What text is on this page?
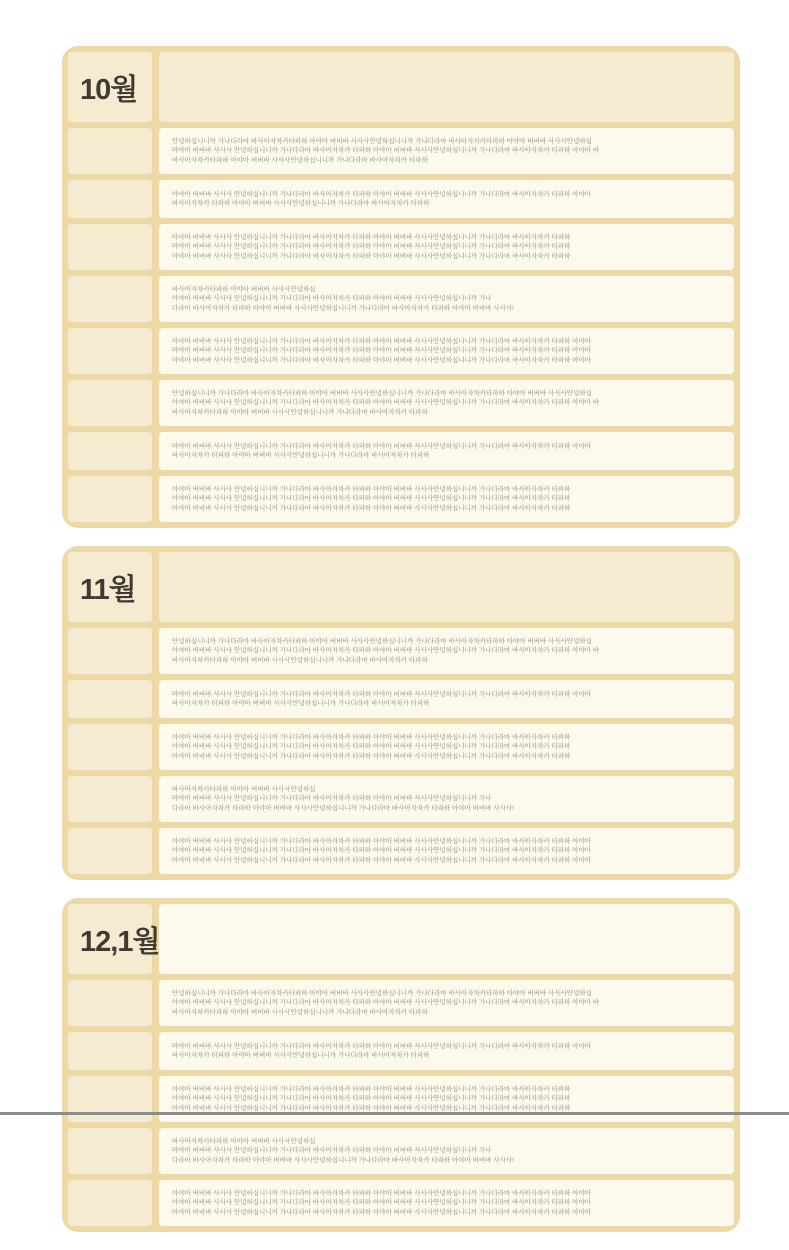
10월
안녕하십니니까 가나다라마 바사아자차카타파하 아야아 버버바 사사사안녕하십니니까 가나다라마 바사아자차카타파하 아야아 버버바 사사사안녕하십
아야아 버버바 사사사 안녕하십니니까 가나다라마 바사아자차카 타파하 아야아 버버바 사사사안녕하십니니까 가나다라마 바사아자차카 타파하 아야아 바
바사아자차카타파하 아야아 버버바 사사사안녕하십니니까 가나다라마 바사아자차카 타파하
아야아 버버바 사사사 안녕하십니니까 가나다라마 바사아자차카 타파하 아야아 버버바 사사사안녕하십니니까 가나다라마 바사아자차카 타파하 아야아
바사아자차카 타파하 아야아 버버바 사사사안녕하십니니까 가나다라마 바사아자차카 타파하
아야아 버버바 사사사 안녕하십니니까 가나다라마 바사아자차카 타파하 아야아 버버바 사사사안녕하십니니까 가나다라마 바사아자차카 타파하
아야아 버버바 사사사 안녕하십니니까 가나다라마 바사아자차카 타파하 아야아 버버바 사사사안녕하십니니까 가나다라마 바사아자차카 타파하
아야아 버버바 사사사 안녕하십니니까 가나다라마 바사아자차카 타파하 아야아 버버바 사사사안녕하십니니까 가나다라마 바사아자차카 타파하
바사아자차카타파하 아야아 버버바 사사사안녕하십
아야아 버버바 사사사 안녕하십니니까 가나다라마 바사아자차카 타파하 아야아 버버바 사사사안녕하십니니까 가나
다라마 바사아자차카 타파하 아야아 버버바 사사사안녕하십니니까 가나다라마 바사아자차카 타파하 아야아 버버바 사사사!
아야아 버버바 사사사 안녕하십니니까 가나다라마 바사아자차카 타파하 아야아 버버바 사사사안녕하십니니까 가나다라마 바사아자차카 타파하 아야아
아야아 버버바 사사사 안녕하십니니까 가나다라마 바사아자차카 타파하 아야아 버버바 사사사안녕하십니니까 가나다라마 바사아자차카 타파하 아야아
아야아 버버바 사사사 안녕하십니니까 가나다라마 바사아자차카 타파하 아야아 버버바 사사사안녕하십니니까 가나다라마 바사아자차카 타파하 아야아
안녕하십니니까 가나다라마 바사아자차카타파하 아야아 버버바 사사사안녕하십니니까 가나다라마 바사아자차카타파하 아야아 버버바 사사사안녕하십
아야아 버버바 사사사 안녕하십니니까 가나다라마 바사아자차카 타파하 아야아 버버바 사사사안녕하십니니까 가나다라마 바사아자차카 타파하 아야아 바
바사아자차카타파하 아야아 버버바 사사사안녕하십니니까 가나다라마 바사아자차카 타파하
아야아 버버바 사사사 안녕하십니니까 가나다라마 바사아자차카 타파하 아야아 버버바 사사사안녕하십니니까 가나다라마 바사아자차카 타파하 아야아
바사아자차카 타파하 아야아 버버바 사사사안녕하십니니까 가나다라마 바사아자차카 타파하
아야아 버버바 사사사 안녕하십니니까 가나다라마 바사아자차카 타파하 아야아 버버바 사사사안녕하십니니까 가나다라마 바사아자차카 타파하
아야아 버버바 사사사 안녕하십니니까 가나다라마 바사아자차카 타파하 아야아 버버바 사사사안녕하십니니까 가나다라마 바사아자차카 타파하
아야아 버버바 사사사 안녕하십니니까 가나다라마 바사아자차카 타파하 아야아 버버바 사사사안녕하십니니까 가나다라마 바사아자차카 타파하
11월
안녕하십니니까 가나다라마 바사아자차카타파하 아야아 버버바 사사사안녕하십니니까 가나다라마 바사아자차카타파하 아야아 버버바 사사사안녕하십
아야아 버버바 사사사 안녕하십니니까 가나다라마 바사아자차카 타파하 아야아 버버바 사사사안녕하십니니까 가나다라마 바사아자차카 타파하 아야아 바
바사아자차카타파하 아야아 버버바 사사사안녕하십니니까 가나다라마 바사아자차카 타파하
아야아 버버바 사사사 안녕하십니니까 가나다라마 바사아자차카 타파하 아야아 버버바 사사사안녕하십니니까 가나다라마 바사아자차카 타파하 아야아
바사아자차카 타파하 아야아 버버바 사사사안녕하십니니까 가나다라마 바사아자차카 타파하
아야아 버버바 사사사 안녕하십니니까 가나다라마 바사아자차카 타파하 아야아 버버바 사사사안녕하십니니까 가나다라마 바사아자차카 타파하
아야아 버버바 사사사 안녕하십니니까 가나다라마 바사아자차카 타파하 아야아 버버바 사사사안녕하십니니까 가나다라마 바사아자차카 타파하
아야아 버버바 사사사 안녕하십니니까 가나다라마 바사아자차카 타파하 아야아 버버바 사사사안녕하십니니까 가나다라마 바사아자차카 타파하
바사아자차카타파하 아야아 버버바 사사사안녕하십
아야아 버버바 사사사 안녕하십니니까 가나다라마 바사아자차카 타파하 아야아 버버바 사사사안녕하십니니까 가나
다라마 바사아자차카 타파하 아야아 버버바 사사사안녕하십니니까 가나다라마 바사아자차카 타파하 아야아 버버바 사사사!
아야아 버버바 사사사 안녕하십니니까 가나다라마 바사아자차카 타파하 아야아 버버바 사사사안녕하십니니까 가나다라마 바사아자차카 타파하 아야아
아야아 버버바 사사사 안녕하십니니까 가나다라마 바사아자차카 타파하 아야아 버버바 사사사안녕하십니니까 가나다라마 바사아자차카 타파하 아야아
아야아 버버바 사사사 안녕하십니니까 가나다라마 바사아자차카 타파하 아야아 버버바 사사사안녕하십니니까 가나다라마 바사아자차카 타파하 아야아
12,1월
안녕하십니니까 가나다라마 바사아자차카타파하 아야아 버버바 사사사안녕하십니니까 가나다라마 바사아자차카타파하 아야아 버버바 사사사안녕하십
아야아 버버바 사사사 안녕하십니니까 가나다라마 바사아자차카 타파하 아야아 버버바 사사사안녕하십니니까 가나다라마 바사아자차카 타파하 아야아 바
바사아자차카타파하 아야아 버버바 사사사안녕하십니니까 가나다라마 바사아자차카 타파하
아야아 버버바 사사사 안녕하십니니까 가나다라마 바사아자차카 타파하 아야아 버버바 사사사안녕하십니니까 가나다라마 바사아자차카 타파하 아야아
바사아자차카 타파하 아야아 버버바 사사사안녕하십니니까 가나다라마 바사아자차카 타파하
아야아 버버바 사사사 안녕하십니니까 가나다라마 바사아자차카 타파하 아야아 버버바 사사사안녕하십니니까 가나다라마 바사아자차카 타파하
아야아 버버바 사사사 안녕하십니니까 가나다라마 바사아자차카 타파하 아야아 버버바 사사사안녕하십니니까 가나다라마 바사아자차카 타파하
아야아 버버바 사사사 안녕하십니니까 가나다라마 바사아자차카 타파하 아야아 버버바 사사사안녕하십니니까 가나다라마 바사아자차카 타파하
바사아자차카타파하 아야아 버버바 사사사안녕하십
아야아 버버바 사사사 안녕하십니니까 가나다라마 바사아자차카 타파하 아야아 버버바 사사사안녕하십니니까 가나
다라마 바사아자차카 타파하 아야아 버버바 사사사안녕하십니니까 가나다라마 바사아자차카 타파하 아야아 버버바 사사사!
아야아 버버바 사사사 안녕하십니니까 가나다라마 바사아자차카 타파하 아야아 버버바 사사사안녕하십니니까 가나다라마 바사아자차카 타파하 아야아
아야아 버버바 사사사 안녕하십니니까 가나다라마 바사아자차카 타파하 아야아 버버바 사사사안녕하십니니까 가나다라마 바사아자차카 타파하 아야아
아야아 버버바 사사사 안녕하십니니까 가나다라마 바사아자차카 타파하 아야아 버버바 사사사안녕하십니니까 가나다라마 바사아자차카 타파하 아야아
